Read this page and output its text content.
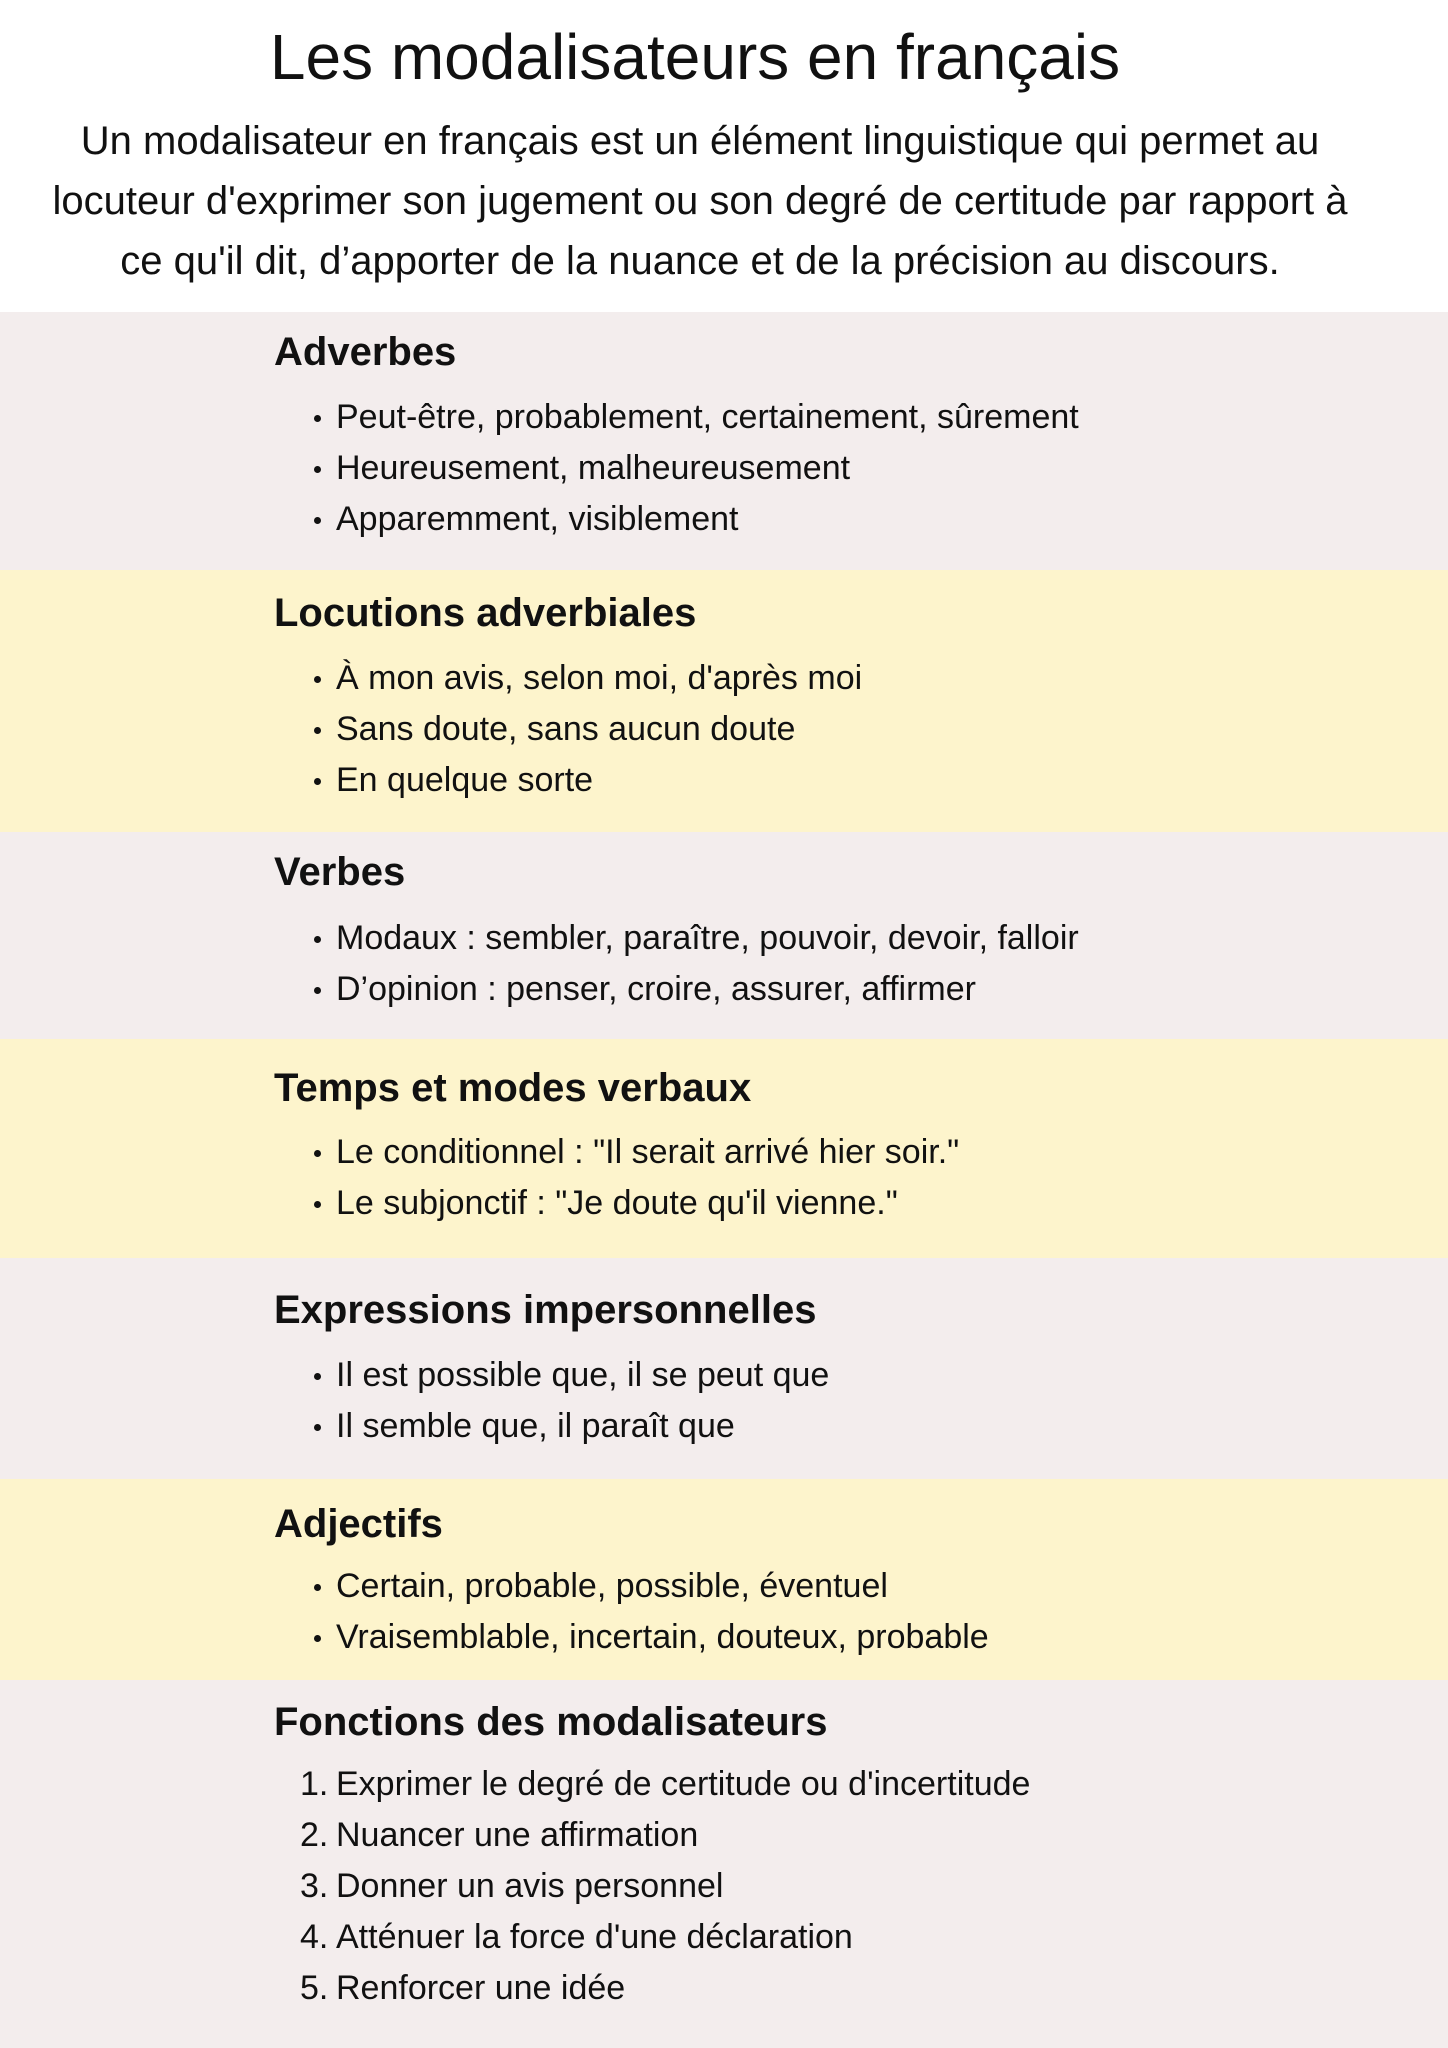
Les modalisateurs en français

Un modalisateur en français est un élément linguistique qui permet au locuteur d'exprimer son jugement ou son degré de certitude par rapport à ce qu'il dit, d’apporter de la nuance et de la précision au discours.

Adverbes
Peut-être, probablement, certainement, sûrement
Heureusement, malheureusement
Apparemment, visiblement
Locutions adverbiales
À mon avis, selon moi, d'après moi
Sans doute, sans aucun doute
En quelque sorte
Verbes
Modaux : sembler, paraître, pouvoir, devoir, falloir
D’opinion : penser, croire, assurer, affirmer
Temps et modes verbaux
Le conditionnel : "Il serait arrivé hier soir."
Le subjonctif : "Je doute qu'il vienne."
Expressions impersonnelles
Il est possible que, il se peut que
Il semble que, il paraît que
Adjectifs
Certain, probable, possible, éventuel
Vraisemblable, incertain, douteux, probable
Fonctions des modalisateurs
1. Exprimer le degré de certitude ou d'incertitude
2. Nuancer une affirmation
3. Donner un avis personnel
4. Atténuer la force d'une déclaration
5. Renforcer une idée
